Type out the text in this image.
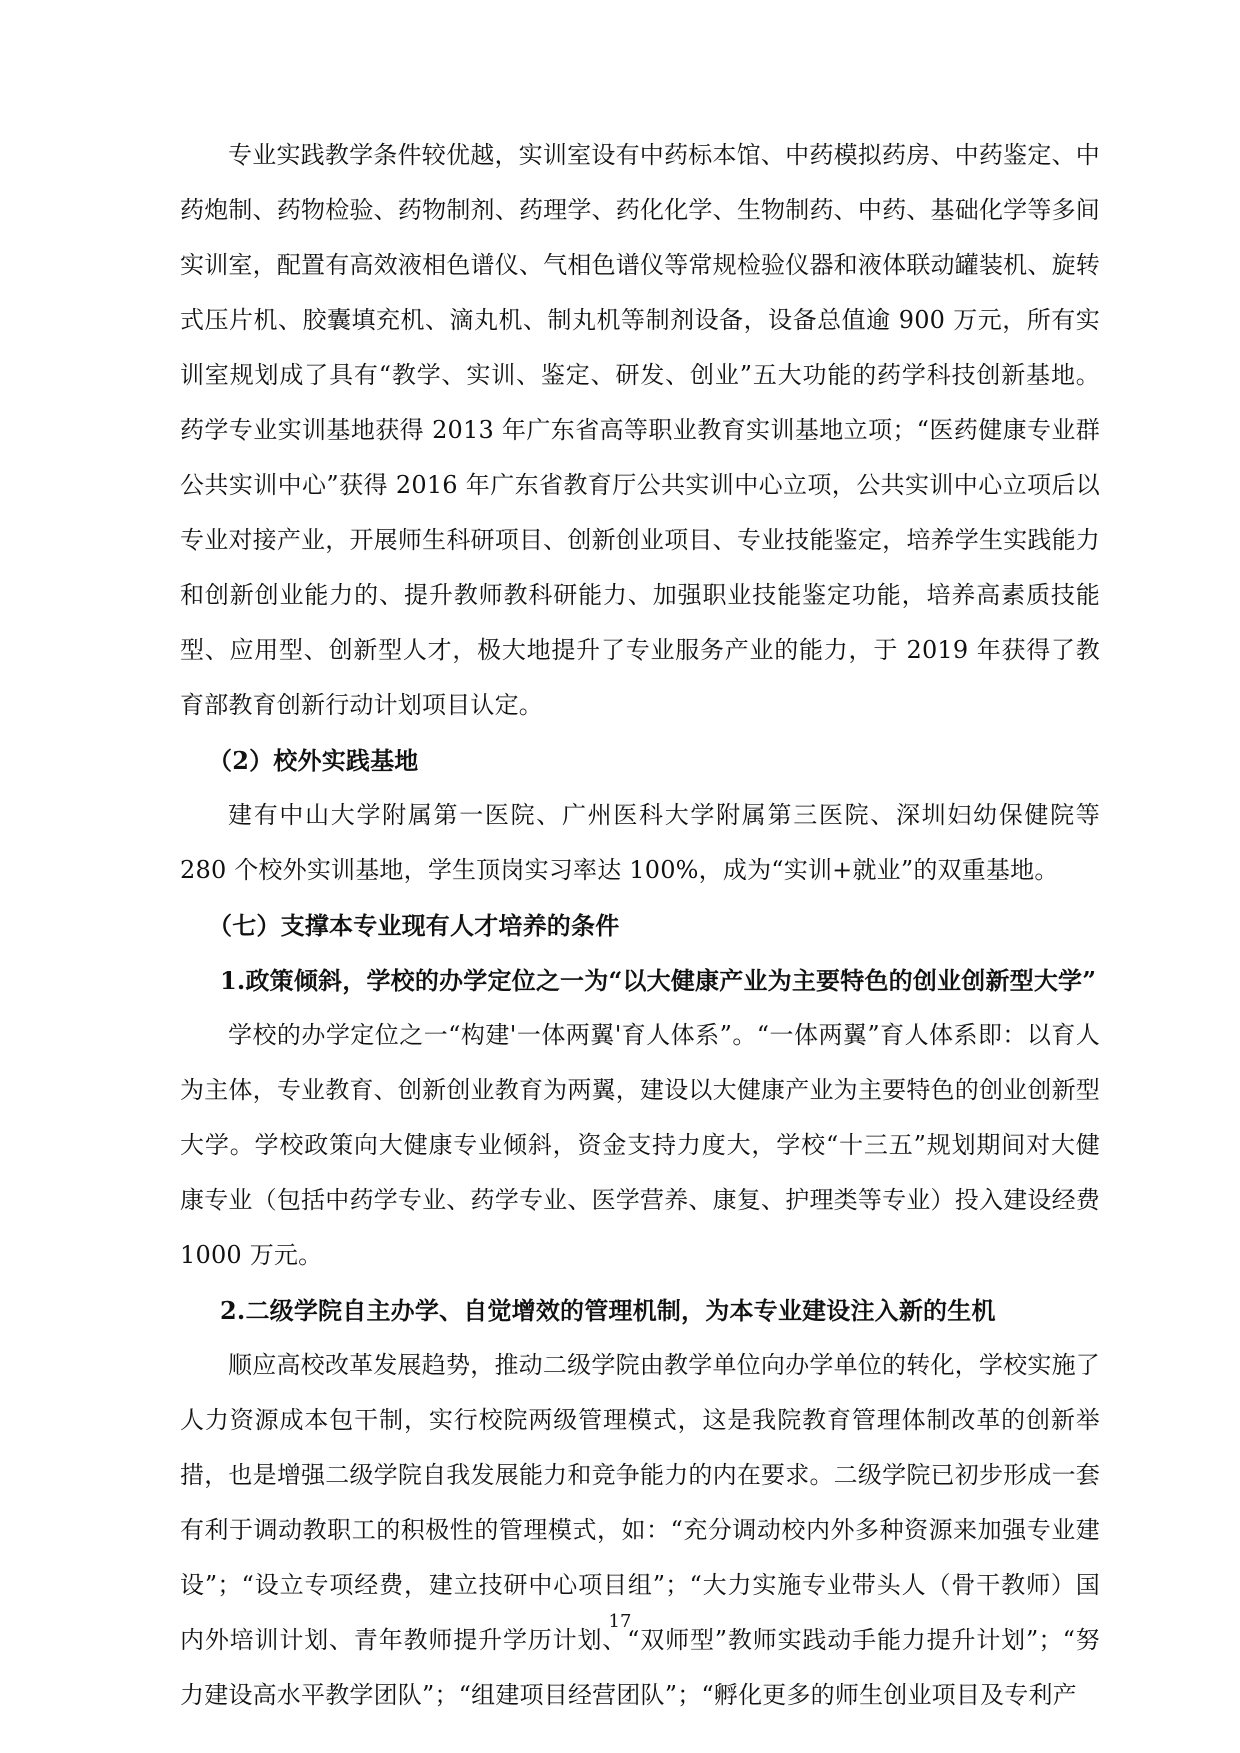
专业实践教学条件较优越，实训室设有中药标本馆、中药模拟药房、中药鉴定、中药炮制、药物检验、药物制剂、药理学、药化化学、生物制药、中药、基础化学等多间实训室，配置有高效液相色谱仪、气相色谱仪等常规检验仪器和液体联动罐装机、旋转式压片机、胶囊填充机、滴丸机、制丸机等制剂设备，设备总值逾 900 万元，所有实训室规划成了具有“教学、实训、鉴定、研发、创业”五大功能的药学科技创新基地。药学专业实训基地获得 2013 年广东省高等职业教育实训基地立项；“医药健康专业群公共实训中心”获得 2016 年广东省教育厅公共实训中心立项，公共实训中心立项后以专业对接产业，开展师生科研项目、创新创业项目、专业技能鉴定，培养学生实践能力和创新创业能力的、提升教师教科研能力、加强职业技能鉴定功能，培养高素质技能型、应用型、创新型人才，极大地提升了专业服务产业的能力，于 2019 年获得了教育部教育创新行动计划项目认定。

（2）校外实践基地

建有中山大学附属第一医院、广州医科大学附属第三医院、深圳妇幼保健院等 280 个校外实训基地，学生顶岗实习率达 100%，成为“实训+就业”的双重基地。

（七）支撑本专业现有人才培养的条件

1.政策倾斜，学校的办学定位之一为“以大健康产业为主要特色的创业创新型大学”

学校的办学定位之一“构建'一体两翼'育人体系”。“一体两翼”育人体系即：以育人为主体，专业教育、创新创业教育为两翼，建设以大健康产业为主要特色的创业创新型大学。学校政策向大健康专业倾斜，资金支持力度大，学校“十三五”规划期间对大健康专业（包括中药学专业、药学专业、医学营养、康复、护理类等专业）投入建设经费 1000 万元。

2.二级学院自主办学、自觉增效的管理机制，为本专业建设注入新的生机

顺应高校改革发展趋势，推动二级学院由教学单位向办学单位的转化，学校实施了人力资源成本包干制，实行校院两级管理模式，这是我院教育管理体制改革的创新举措，也是增强二级学院自我发展能力和竞争能力的内在要求。二级学院已初步形成一套有利于调动教职工的积极性的管理模式，如：“充分调动校内外多种资源来加强专业建设”；“设立专项经费，建立技研中心项目组”；“大力实施专业带头人（骨干教师）国内外培训计划、青年教师提升学历计划、“双师型”教师实践动手能力提升计划”；“努力建设高水平教学团队”；“组建项目经营团队”；“孵化更多的师生创业项目及专利产

17
